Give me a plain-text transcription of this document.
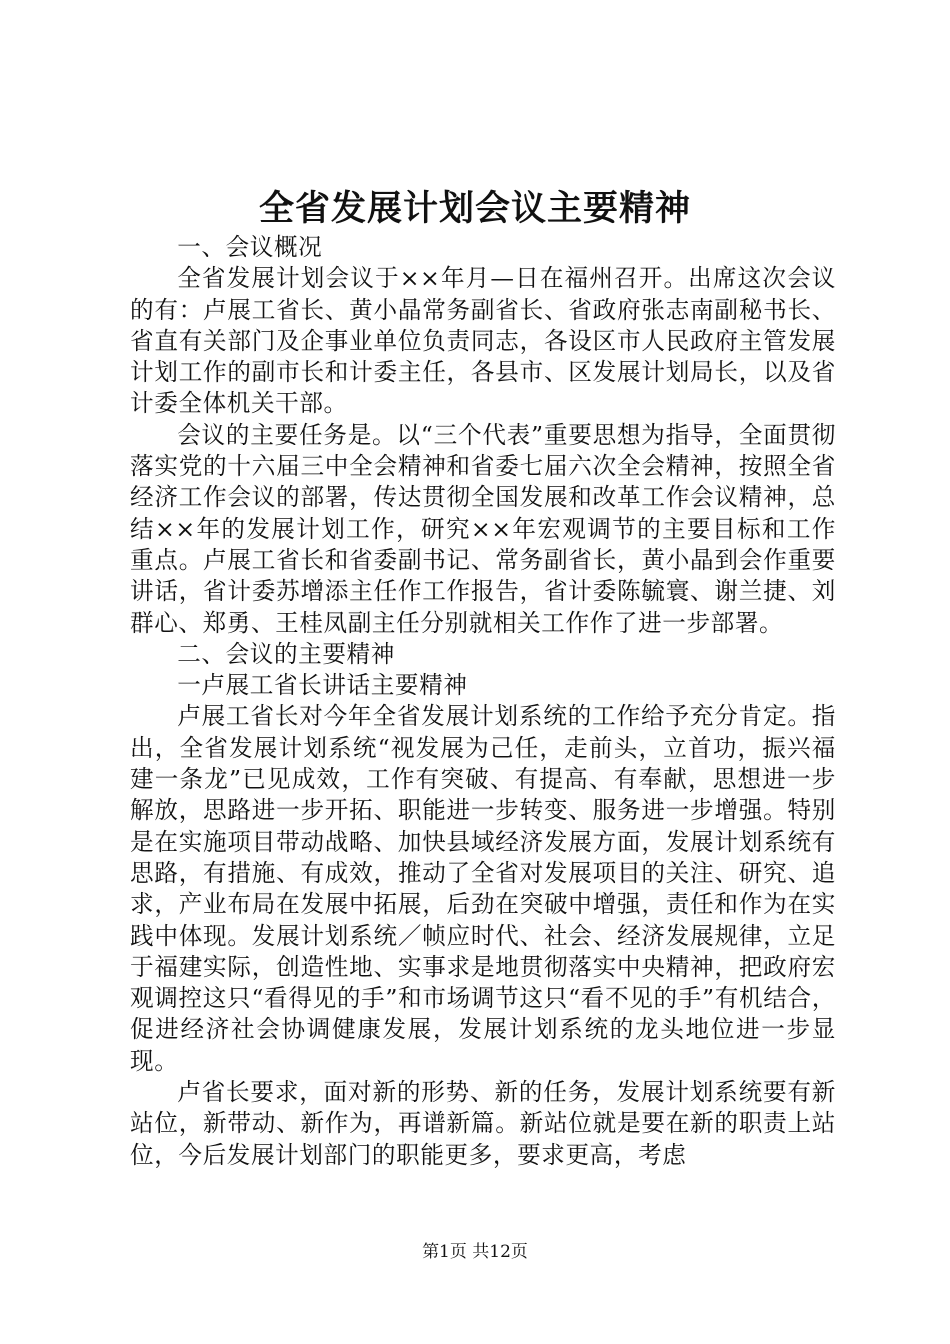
全省发展计划会议主要精神

一、会议概况

全省发展计划会议于××年月—日在福州召开。出席这次会议的有：卢展工省长、黄小晶常务副省长、省政府张志南副秘书长、省直有关部门及企事业单位负责同志，各设区市人民政府主管发展计划工作的副市长和计委主任，各县市、区发展计划局长，以及省计委全体机关干部。

会议的主要任务是。以“三个代表”重要思想为指导，全面贯彻落实党的十六届三中全会精神和省委七届六次全会精神，按照全省经济工作会议的部署，传达贯彻全国发展和改革工作会议精神，总结××年的发展计划工作，研究××年宏观调节的主要目标和工作重点。卢展工省长和省委副书记、常务副省长，黄小晶到会作重要讲话，省计委苏增添主任作工作报告，省计委陈毓寰、谢兰捷、刘群心、郑勇、王桂凤副主任分别就相关工作作了进一步部署。

二、会议的主要精神

一卢展工省长讲话主要精神

卢展工省长对今年全省发展计划系统的工作给予充分肯定。指出，全省发展计划系统“视发展为己任，走前头，立首功，振兴福建一条龙”已见成效，工作有突破、有提高、有奉献，思想进一步解放，思路进一步开拓、职能进一步转变、服务进一步增强。特别是在实施项目带动战略、加快县域经济发展方面，发展计划系统有思路，有措施、有成效，推动了全省对发展项目的关注、研究、追求，产业布局在发展中拓展，后劲在突破中增强，责任和作为在实践中体现。发展计划系统／帧应时代、社会、经济发展规律，立足于福建实际，创造性地、实事求是地贯彻落实中央精神，把政府宏观调控这只“看得见的手”和市场调节这只“看不见的手”有机结合，促进经济社会协调健康发展，发展计划系统的龙头地位进一步显现。

卢省长要求，面对新的形势、新的任务，发展计划系统要有新站位，新带动、新作为，再谱新篇。新站位就是要在新的职责上站位，今后发展计划部门的职能更多，要求更高，考虑

第1页 共12页
